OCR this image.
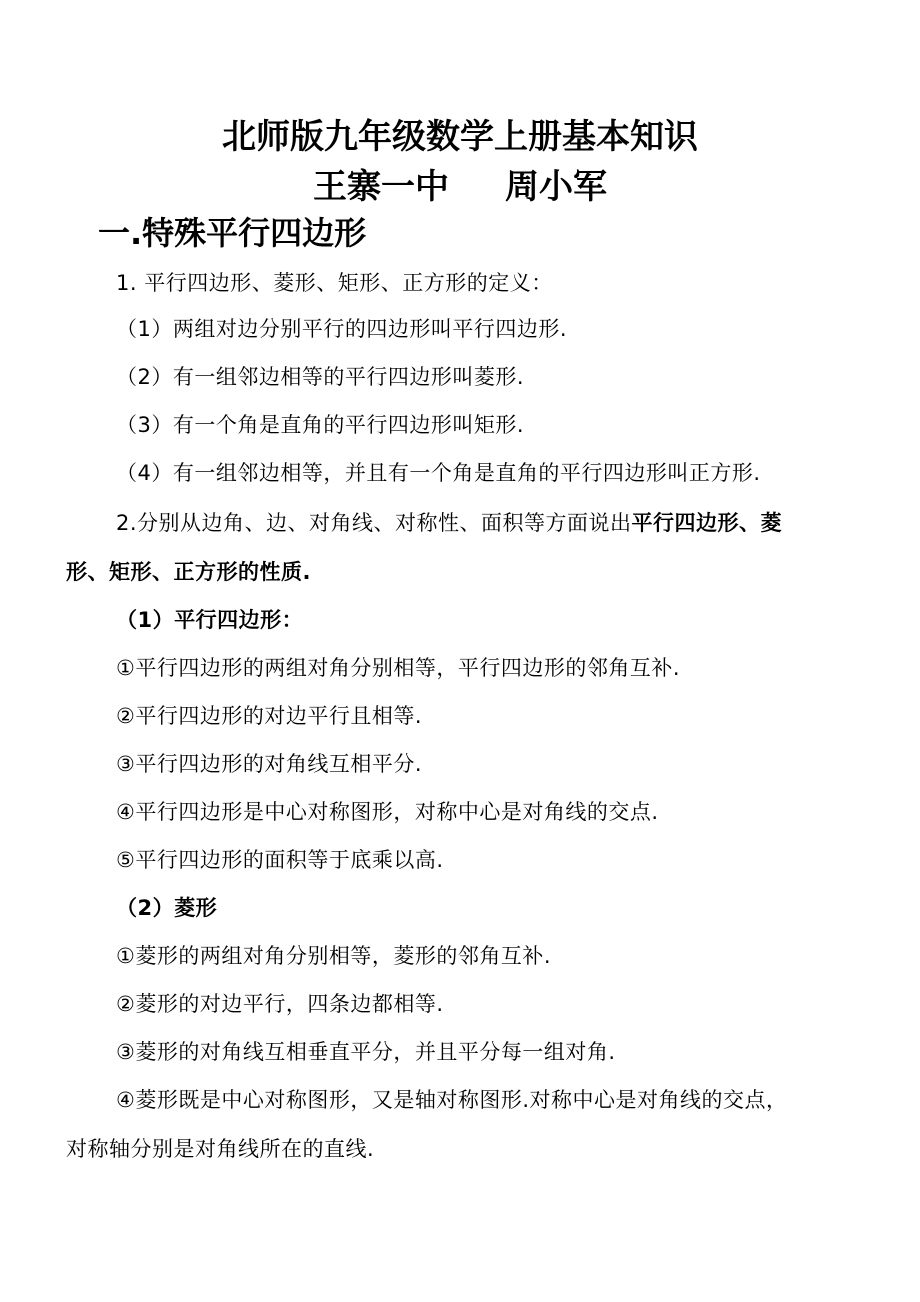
北师版九年级数学上册基本知识
王寨一中 周小军
一.特殊平行四边形
1. 平行四边形、菱形、矩形、正方形的定义：
（1）两组对边分别平行的四边形叫平行四边形.
（2）有一组邻边相等的平行四边形叫菱形.
（3）有一个角是直角的平行四边形叫矩形.
（4）有一组邻边相等，并且有一个角是直角的平行四边形叫正方形.
2.分别从边角、边、对角线、对称性、面积等方面说出平行四边形、菱
形、矩形、正方形的性质.
（1）平行四边形：
①平行四边形的两组对角分别相等，平行四边形的邻角互补.
②平行四边形的对边平行且相等.
③平行四边形的对角线互相平分.
④平行四边形是中心对称图形，对称中心是对角线的交点.
⑤平行四边形的面积等于底乘以高.
（2）菱形
①菱形的两组对角分别相等，菱形的邻角互补.
②菱形的对边平行，四条边都相等.
③菱形的对角线互相垂直平分，并且平分每一组对角.
④菱形既是中心对称图形，又是轴对称图形.对称中心是对角线的交点，
对称轴分别是对角线所在的直线.
